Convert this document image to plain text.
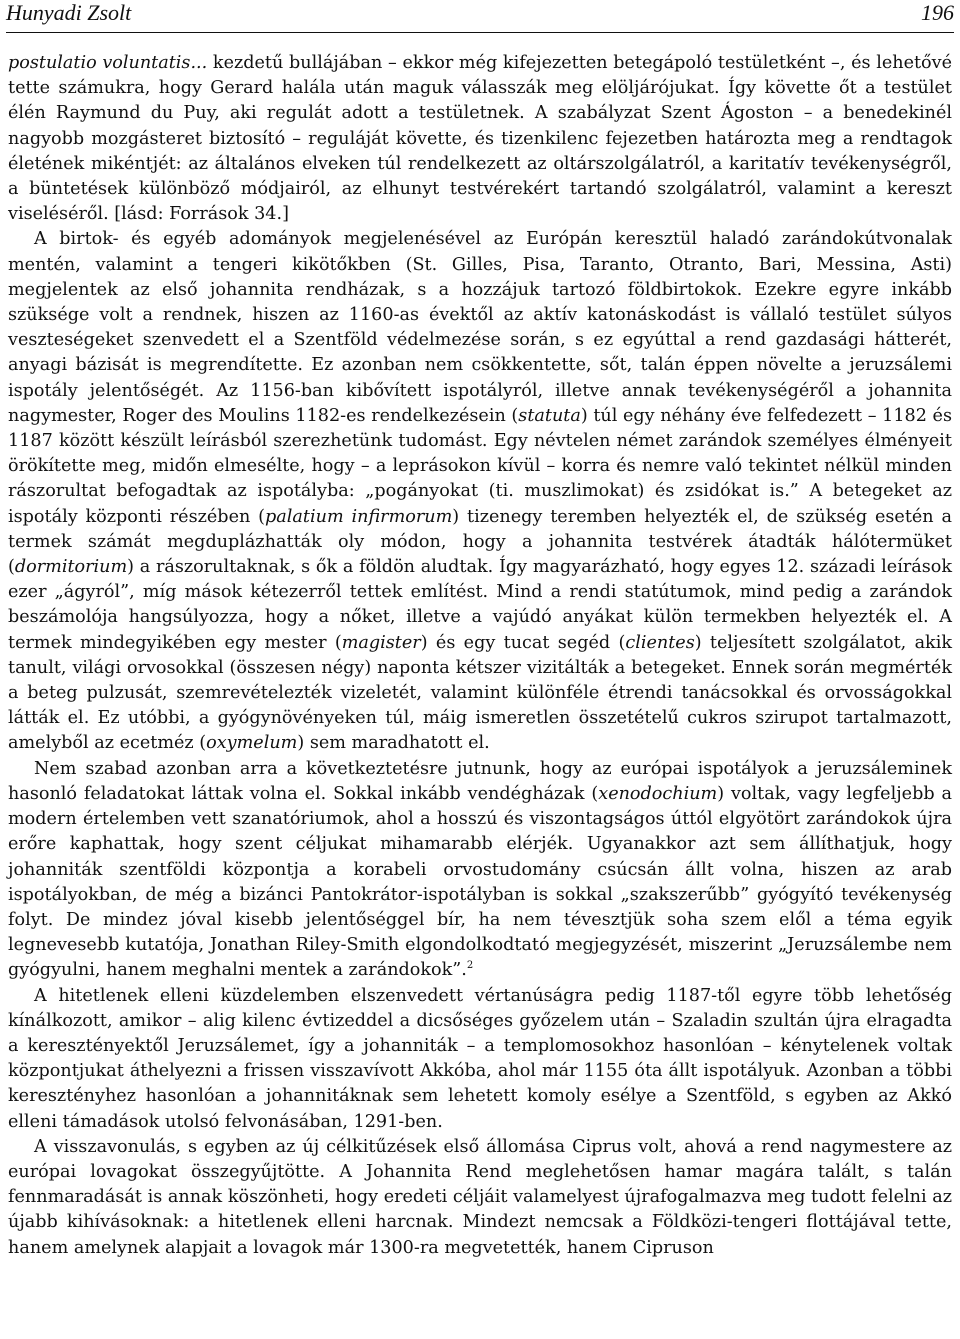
Hunyadi Zsolt	196

postulatio voluntatis... kezdetű bullájában – ekkor még kifejezetten betegápoló testületként –, és lehetővé tette számukra, hogy Gerard halála után maguk válasszák meg elöljárójukat. Így követte őt a testület élén Raymund du Puy, aki regulát adott a testületnek. A szabályzat Szent Ágoston – a benedekinél nagyobb mozgásteret biztosító – reguláját követte, és tizenkilenc fejezetben határozta meg a rendtagok életének mikéntjét: az általános elveken túl rendelkezett az oltárszolgálatról, a karitatív tevékenységről, a büntetések különböző módjairól, az elhunyt testvérekért tartandó szolgálatról, valamint a kereszt viseléséről. [lásd: Források 34.]

A birtok- és egyéb adományok megjelenésével az Európán keresztül haladó zarándokútvonalak mentén, valamint a tengeri kikötőkben (St. Gilles, Pisa, Taranto, Otranto, Bari, Messina, Asti) megjelentek az első johannita rendházak, s a hozzájuk tartozó földbirtokok. Ezekre egyre inkább szüksége volt a rendnek, hiszen az 1160-as évektől az aktív katonáskodást is vállaló testület súlyos veszteségeket szenvedett el a Szentföld védelmezése során, s ez egyúttal a rend gazdasági hátterét, anyagi bázisát is megrendítette. Ez azonban nem csökkentette, sőt, talán éppen növelte a jeruzsálemi ispotály jelentőségét. Az 1156-ban kibővített ispotályról, illetve annak tevékenységéről a johannita nagymester, Roger des Moulins 1182-es rendelkezésein (statuta) túl egy néhány éve felfedezett – 1182 és 1187 között készült leírásból szerezhetünk tudomást. Egy névtelen német zarándok személyes élményeit örökítette meg, midőn elmesélte, hogy – a leprásokon kívül – korra és nemre való tekintet nélkül minden rászorultat befogadtak az ispotályba: „pogányokat (ti. muszlimokat) és zsidókat is.” A betegeket az ispotály központi részében (palatium infirmorum) tizenegy teremben helyezték el, de szükség esetén a termek számát megduplázhatták oly módon, hogy a johannita testvérek átadták hálótermüket (dormitorium) a rászorultaknak, s ők a földön aludtak. Így magyarázható, hogy egyes 12. századi leírások ezer „ágyról”, míg mások kétezerről tettek említést. Mind a rendi statútumok, mind pedig a zarándok beszámolója hangsúlyozza, hogy a nőket, illetve a vajúdó anyákat külön termekben helyezték el. A termek mindegyikében egy mester (magister) és egy tucat segéd (clientes) teljesített szolgálatot, akik tanult, világi orvosokkal (összesen négy) naponta kétszer vizitálták a betegeket. Ennek során megmérték a beteg pulzusát, szemrevételezték vizeletét, valamint különféle étrendi tanácsokkal és orvosságokkal látták el. Ez utóbbi, a gyógynövényeken túl, máig ismeretlen összetételű cukros szirupot tartalmazott, amelyből az ecetméz (oxymelum) sem maradhatott el.

Nem szabad azonban arra a következtetésre jutnunk, hogy az európai ispotályok a jeruzsáleminek hasonló feladatokat láttak volna el. Sokkal inkább vendégházak (xenodochium) voltak, vagy legfeljebb a modern értelemben vett szanatóriumok, ahol a hosszú és viszontagságos úttól elgyötört zarándokok újra erőre kaphattak, hogy szent céljukat mihamarabb elérjék. Ugyanakkor azt sem állíthatjuk, hogy johanniták szentföldi központja a korabeli orvostudomány csúcsán állt volna, hiszen az arab ispotályokban, de még a bizánci Pantokrátor-ispotályban is sokkal „szakszerűbb” gyógyító tevékenység folyt. De mindez jóval kisebb jelentőséggel bír, ha nem tévesztjük soha szem elől a téma egyik legnevesebb kutatója, Jonathan Riley-Smith elgondolkodtató megjegyzését, miszerint „Jeruzsálembe nem gyógyulni, hanem meghalni mentek a zarándokok”.$^2$

A hitetlenek elleni küzdelemben elszenvedett vértanúságra pedig 1187-től egyre több lehetőség kínálkozott, amikor – alig kilenc évtizeddel a dicsőséges győzelem után – Szaladin szultán újra elragadta a keresztényektől Jeruzsálemet, így a johanniták – a templomosokhoz hasonlóan – kénytelenek voltak központjukat áthelyezni a frissen visszavívott Akkóba, ahol már 1155 óta állt ispotályuk. Azonban a többi keresztényhez hasonlóan a johannitáknak sem lehetett komoly esélye a Szentföld, s egyben az Akkó elleni támadások utolsó felvonásában, 1291-ben.

A visszavonulás, s egyben az új célkitűzések első állomása Ciprus volt, ahová a rend nagymestere az európai lovagokat összegyűjtötte. A Johannita Rend meglehetősen hamar magára talált, s talán fennmaradását is annak köszönheti, hogy eredeti céljáit valamelyest újrafogalmazva meg tudott felelni az újabb kihívásoknak: a hitetlenek elleni harcnak. Mindezt nemcsak a Földközi-tengeri flottájával tette, hanem amelynek alapjait a lovagok már 1300-ra megvetették, hanem Cipruson
